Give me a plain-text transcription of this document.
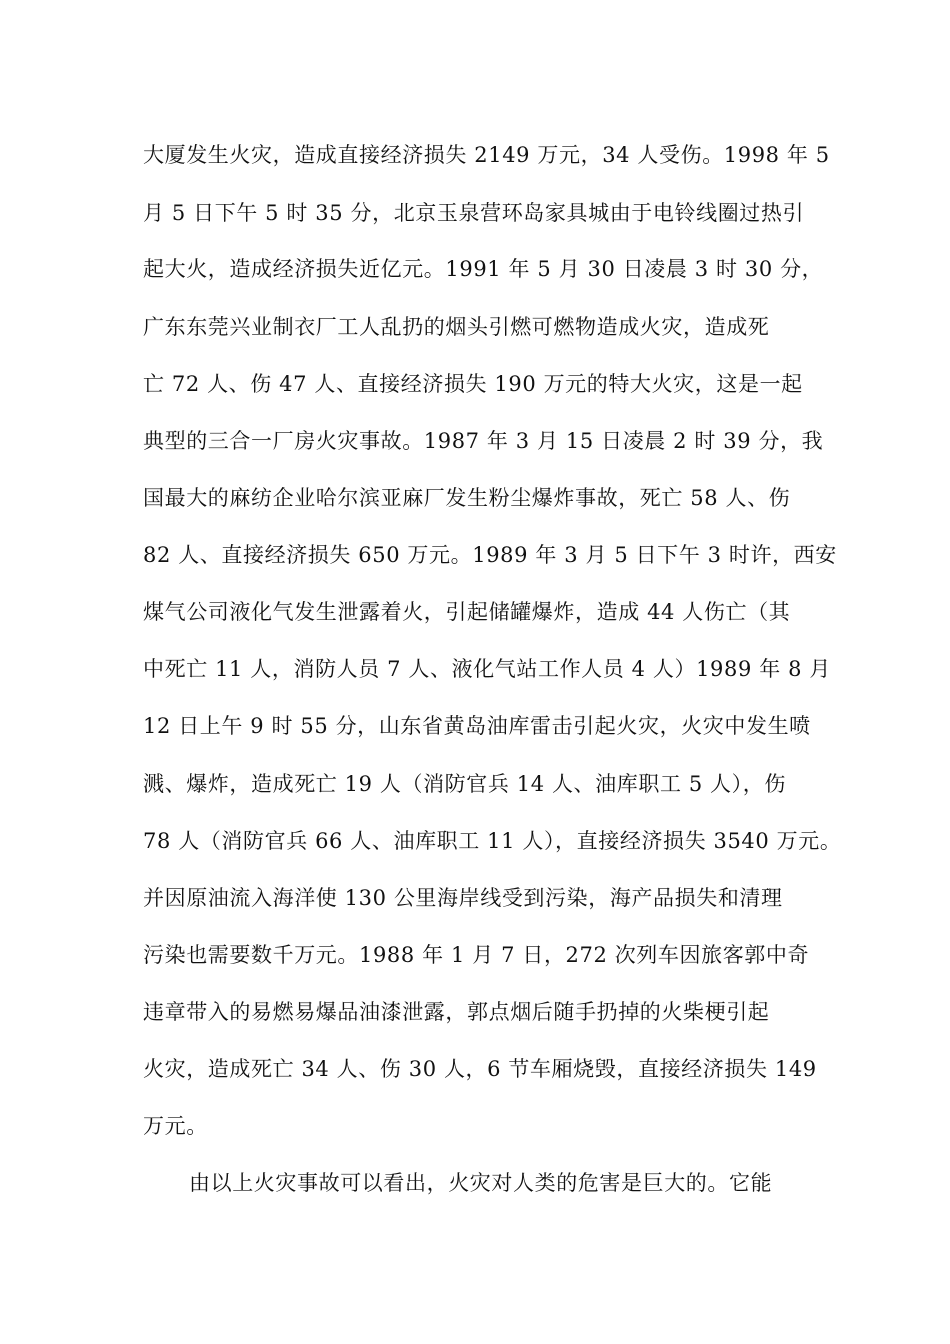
大厦发生火灾，造成直接经济损失 2149 万元，34 人受伤。1998 年 5

月 5 日下午 5 时 35 分，北京玉泉营环岛家具城由于电铃线圈过热引

起大火，造成经济损失近亿元。1991 年 5 月 30 日凌晨 3 时 30 分，

广东东莞兴业制衣厂工人乱扔的烟头引燃可燃物造成火灾，造成死

亡 72 人、伤 47 人、直接经济损失 190 万元的特大火灾，这是一起

典型的三合一厂房火灾事故。1987 年 3 月 15 日凌晨 2 时 39 分，我

国最大的麻纺企业哈尔滨亚麻厂发生粉尘爆炸事故，死亡 58 人、伤

82 人、直接经济损失 650 万元。1989 年 3 月 5 日下午 3 时许，西安

煤气公司液化气发生泄露着火，引起储罐爆炸，造成 44 人伤亡（其

中死亡 11 人，消防人员 7 人、液化气站工作人员 4 人）1989 年 8 月

12 日上午 9 时 55 分，山东省黄岛油库雷击引起火灾，火灾中发生喷

溅、爆炸，造成死亡 19 人（消防官兵 14 人、油库职工 5 人），伤

78 人（消防官兵 66 人、油库职工 11 人），直接经济损失 3540 万元。

并因原油流入海洋使 130 公里海岸线受到污染，海产品损失和清理

污染也需要数千万元。1988 年 1 月 7 日，272 次列车因旅客郭中奇

违章带入的易燃易爆品油漆泄露，郭点烟后随手扔掉的火柴梗引起

火灾，造成死亡 34 人、伤 30 人，6 节车厢烧毁，直接经济损失 149

万元。

由以上火灾事故可以看出，火灾对人类的危害是巨大的。它能
